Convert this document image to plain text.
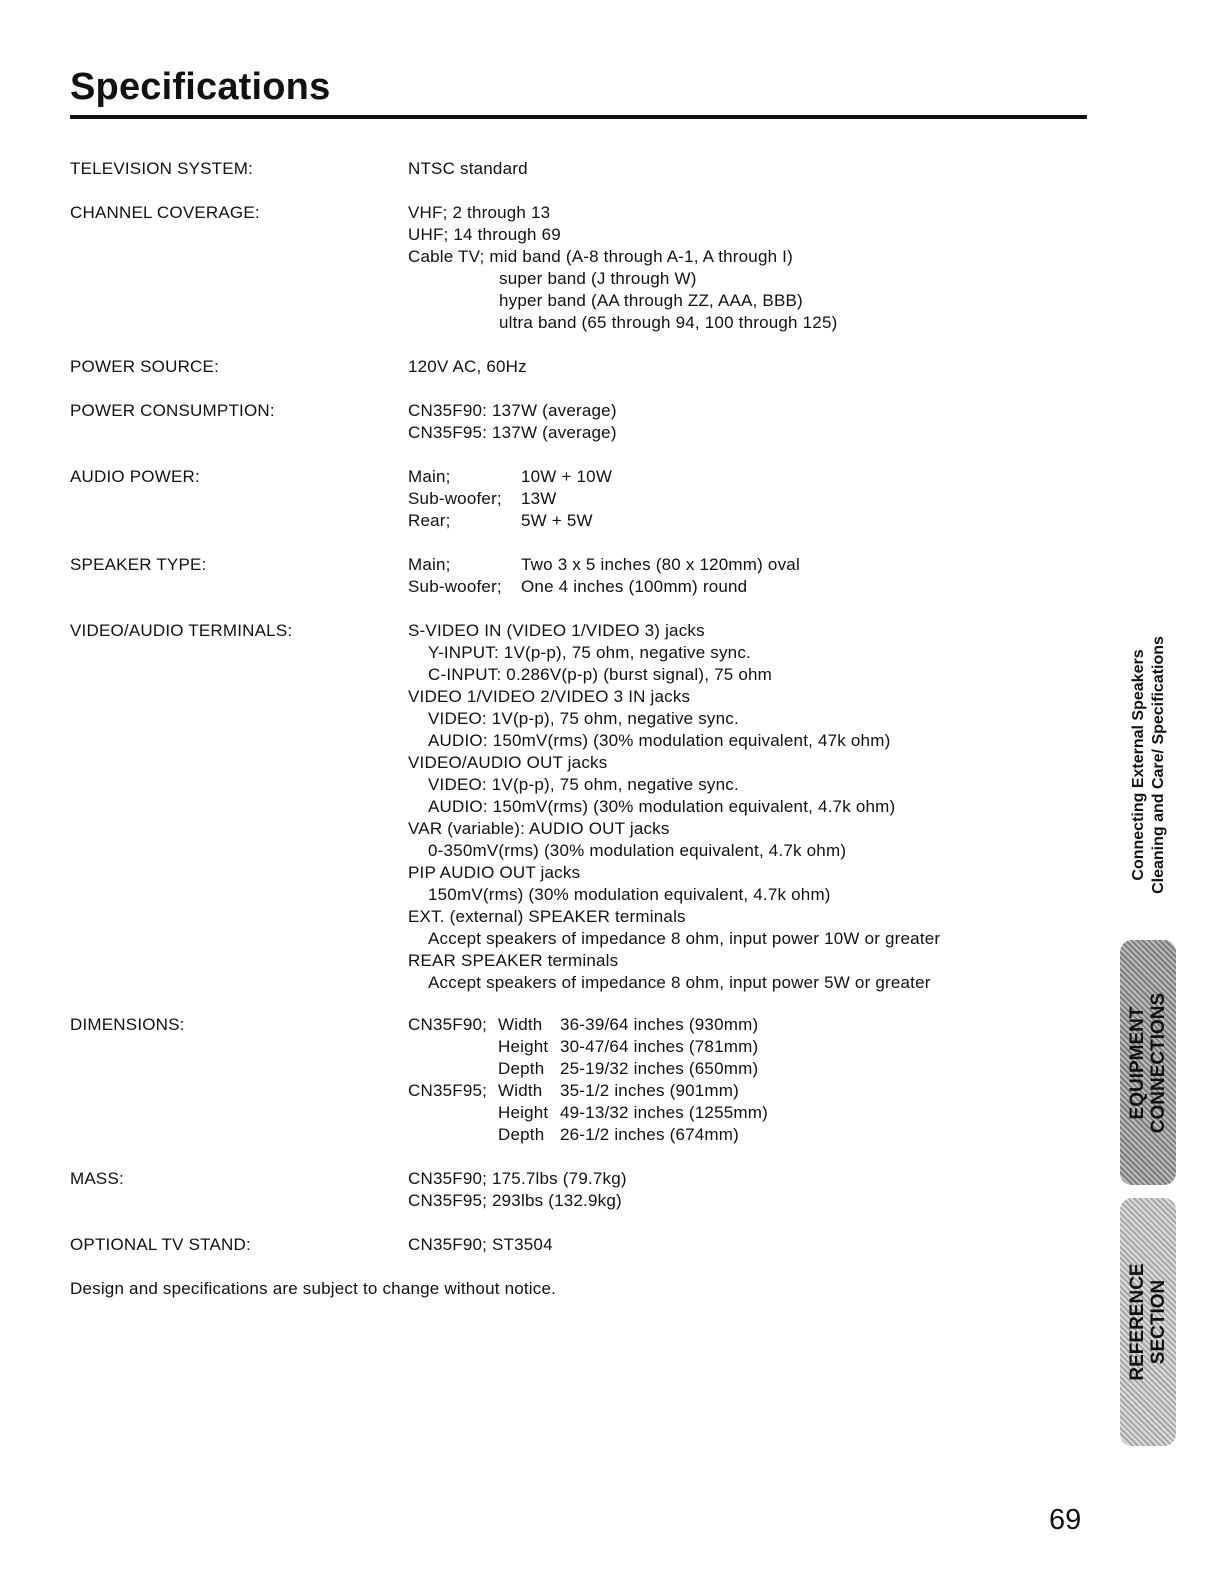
Specifications
TELEVISION SYSTEM:	NTSC standard
CHANNEL COVERAGE:	VHF; 2 through 13
UHF; 14 through 69
Cable TV; mid band (A-8 through A-1, A through I)
super band (J through W)
hyper band (AA through ZZ, AAA, BBB)
ultra band (65 through 94, 100 through 125)
POWER SOURCE:	120V AC, 60Hz
POWER CONSUMPTION:	CN35F90: 137W (average)
CN35F95: 137W (average)
AUDIO POWER:	Main;	10W + 10W
Sub-woofer;	13W
Rear;	5W + 5W
SPEAKER TYPE:	Main;	Two 3 x 5 inches (80 x 120mm) oval
Sub-woofer;	One 4 inches (100mm) round
VIDEO/AUDIO TERMINALS:	S-VIDEO IN (VIDEO 1/VIDEO 3) jacks
Y-INPUT: 1V(p-p), 75 ohm, negative sync.
C-INPUT: 0.286V(p-p) (burst signal), 75 ohm
VIDEO 1/VIDEO 2/VIDEO 3 IN jacks
VIDEO: 1V(p-p), 75 ohm, negative sync.
AUDIO: 150mV(rms) (30% modulation equivalent, 47k ohm)
VIDEO/AUDIO OUT jacks
VIDEO: 1V(p-p), 75 ohm, negative sync.
AUDIO: 150mV(rms) (30% modulation equivalent, 4.7k ohm)
VAR (variable): AUDIO OUT jacks
0-350mV(rms) (30% modulation equivalent, 4.7k ohm)
PIP AUDIO OUT jacks
150mV(rms) (30% modulation equivalent, 4.7k ohm)
EXT. (external) SPEAKER terminals
Accept speakers of impedance 8 ohm, input power 10W or greater
REAR SPEAKER terminals
Accept speakers of impedance 8 ohm, input power 5W or greater
DIMENSIONS:	CN35F90; Width	36-39/64 inches (930mm)
Height 30-47/64 inches (781mm)
Depth 25-19/32 inches (650mm)
CN35F95; Width	35-1/2 inches (901mm)
Height 49-13/32 inches (1255mm)
Depth 26-1/2 inches (674mm)
MASS:	CN35F90; 175.7lbs (79.7kg)
CN35F95; 293lbs (132.9kg)
OPTIONAL TV STAND:	CN35F90; ST3504
Design and specifications are subject to change without notice.
Connecting External Speakers Cleaning and Care/ Specifications
EQUIPMENT CONNECTIONS
REFERENCE SECTION
69
